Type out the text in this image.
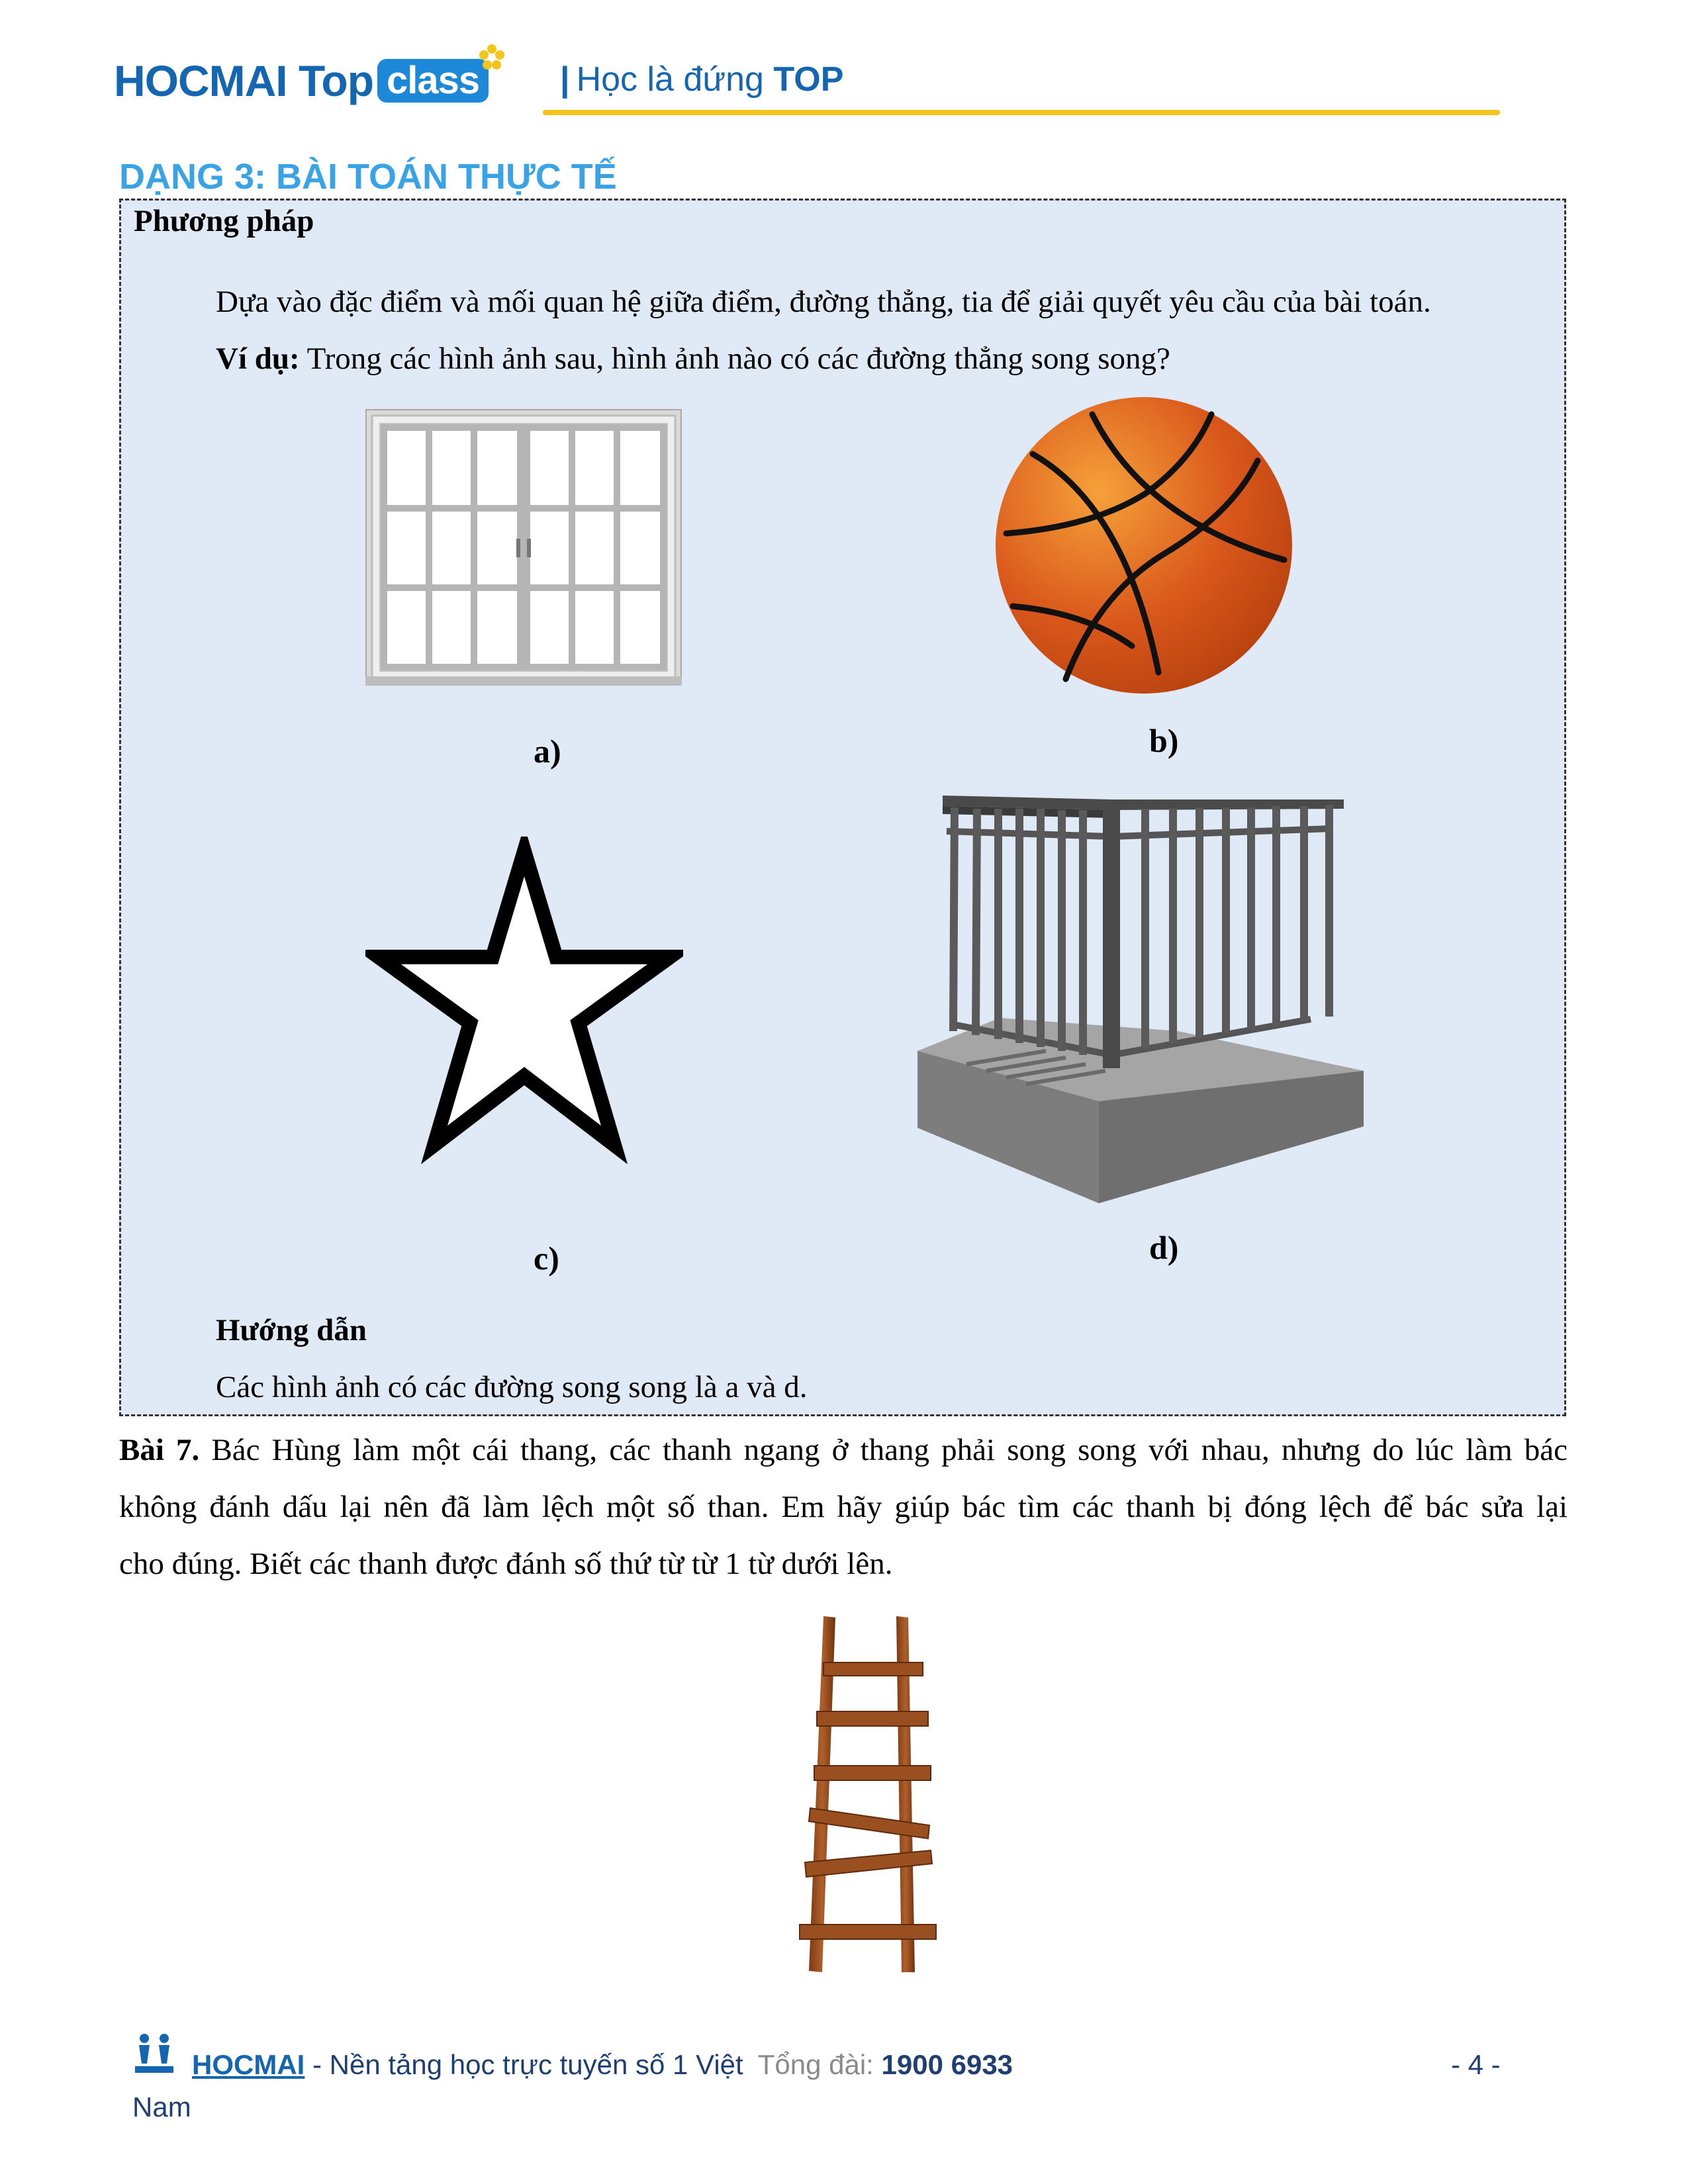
HOCMAI Top class | Học là đứng TOP
DẠNG 3: BÀI TOÁN THỰC TẾ
Phương pháp
Dựa vào đặc điểm và mối quan hệ giữa điểm, đường thẳng, tia để giải quyết yêu cầu của bài toán.
Ví dụ: Trong các hình ảnh sau, hình ảnh nào có các đường thẳng song song?
a)	b)
c)	d)
Hướng dẫn
Các hình ảnh có các đường song song là a và d.
Bài 7. Bác Hùng làm một cái thang, các thanh ngang ở thang phải song song với nhau, nhưng do lúc làm bác
không đánh dấu lại nên đã làm lệch một số than. Em hãy giúp bác tìm các thanh bị đóng lệch để bác sửa lại
cho đúng. Biết các thanh được đánh số thứ từ từ 1 từ dưới lên.
HOCMAI - Nền tảng học trực tuyến số 1 Việt Tổng đài: 1900 6933
Nam
- 4 -
